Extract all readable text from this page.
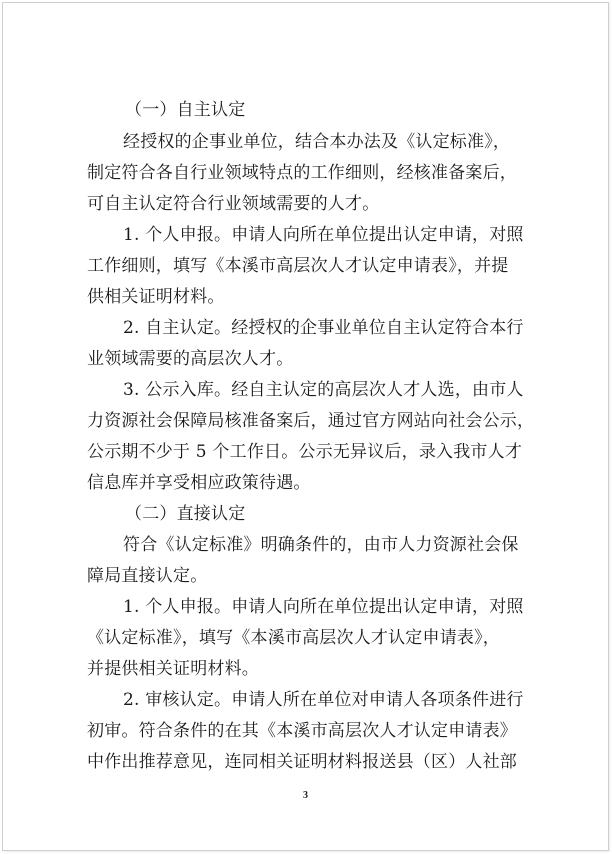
（一）自主认定
经授权的企事业单位，结合本办法及《认定标准》，
制定符合各自行业领域特点的工作细则，经核准备案后，
可自主认定符合行业领域需要的人才。
1. 个人申报。申请人向所在单位提出认定申请，对照
工作细则，填写《本溪市高层次人才认定申请表》，并提
供相关证明材料。
2. 自主认定。经授权的企事业单位自主认定符合本行
业领域需要的高层次人才。
3. 公示入库。经自主认定的高层次人才人选，由市人
力资源社会保障局核准备案后，通过官方网站向社会公示，
公示期不少于 5 个工作日。公示无异议后，录入我市人才
信息库并享受相应政策待遇。
（二）直接认定
符合《认定标准》明确条件的，由市人力资源社会保
障局直接认定。
1. 个人申报。申请人向所在单位提出认定申请，对照
《认定标准》，填写《本溪市高层次人才认定申请表》，
并提供相关证明材料。
2. 审核认定。申请人所在单位对申请人各项条件进行
初审。符合条件的在其《本溪市高层次人才认定申请表》
中作出推荐意见，连同相关证明材料报送县（区）人社部
3
